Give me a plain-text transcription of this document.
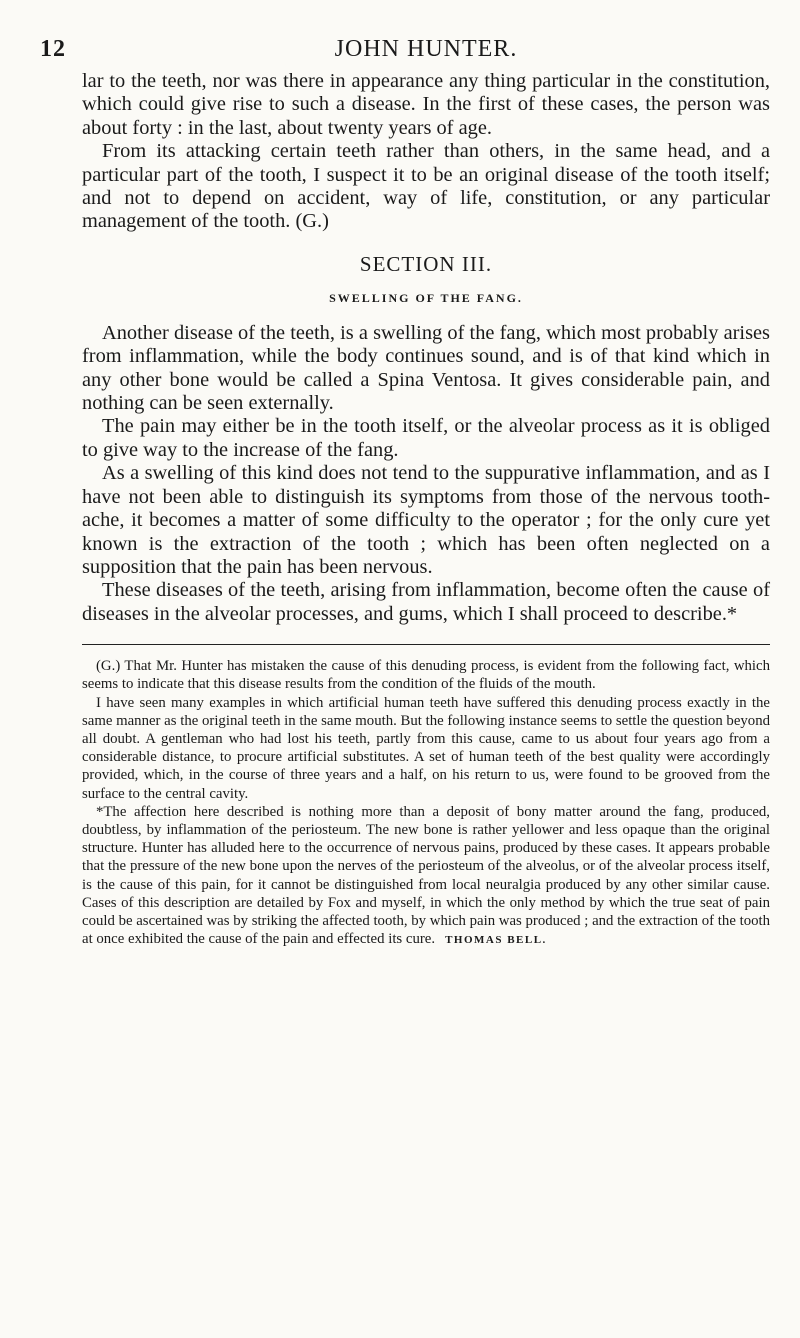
12	JOHN HUNTER.

lar to the teeth, nor was there in appearance any thing particular in the constitution, which could give rise to such a disease. In the first of these cases, the person was about forty : in the last, about twenty years of age.

From its attacking certain teeth rather than others, in the same head, and a particular part of the tooth, I suspect it to be an original disease of the tooth itself; and not to depend on accident, way of life, constitution, or any particular management of the tooth. (G.)

SECTION III.
SWELLING OF THE FANG.

Another disease of the teeth, is a swelling of the fang, which most probably arises from inflammation, while the body continues sound, and is of that kind which in any other bone would be called a Spina Ventosa. It gives considerable pain, and nothing can be seen externally.

The pain may either be in the tooth itself, or the alveolar process as it is obliged to give way to the increase of the fang.

As a swelling of this kind does not tend to the suppurative inflammation, and as I have not been able to distinguish its symptoms from those of the nervous tooth-ache, it becomes a matter of some difficulty to the operator ; for the only cure yet known is the extraction of the tooth ; which has been often neglected on a supposition that the pain has been nervous.

These diseases of the teeth, arising from inflammation, become often the cause of diseases in the alveolar processes, and gums, which I shall proceed to describe.*

(G.) That Mr. Hunter has mistaken the cause of this denuding process, is evident from the following fact, which seems to indicate that this disease results from the condition of the fluids of the mouth.

I have seen many examples in which artificial human teeth have suffered this denuding process exactly in the same manner as the original teeth in the same mouth. But the following instance seems to settle the question beyond all doubt. A gentleman who had lost his teeth, partly from this cause, came to us about four years ago from a considerable distance, to procure artificial substitutes. A set of human teeth of the best quality were accordingly provided, which, in the course of three years and a half, on his return to us, were found to be grooved from the surface to the central cavity.

*The affection here described is nothing more than a deposit of bony matter around the fang, produced, doubtless, by inflammation of the periosteum. The new bone is rather yellower and less opaque than the original structure. Hunter has alluded here to the occurrence of nervous pains, produced by these cases. It appears probable that the pressure of the new bone upon the nerves of the periosteum of the alveolus, or of the alveolar process itself, is the cause of this pain, for it cannot be distinguished from local neuralgia produced by any other similar cause. Cases of this description are detailed by Fox and myself, in which the only method by which the true seat of pain could be ascertained was by striking the affected tooth, by which pain was produced ; and the extraction of the tooth at once exhibited the cause of the pain and effected its cure. THOMAS BELL.
